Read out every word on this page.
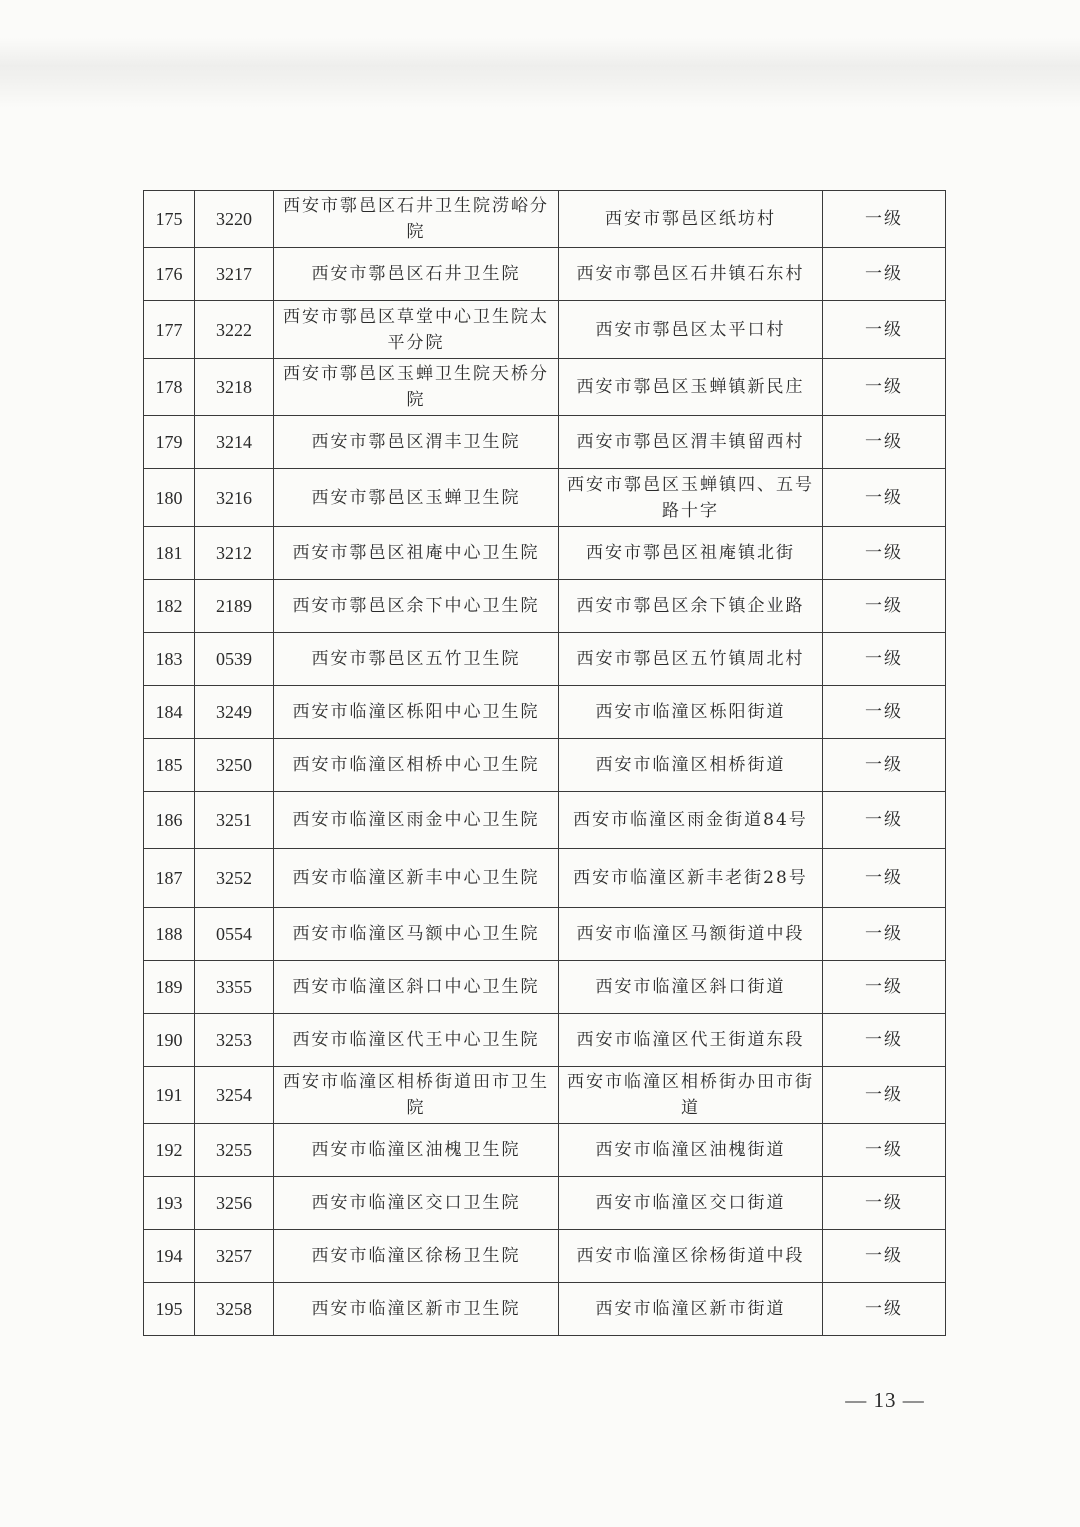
175	3220	西安市鄠邑区石井卫生院涝峪分院	西安市鄠邑区纸坊村	一级
176	3217	西安市鄠邑区石井卫生院	西安市鄠邑区石井镇石东村	一级
177	3222	西安市鄠邑区草堂中心卫生院太平分院	西安市鄠邑区太平口村	一级
178	3218	西安市鄠邑区玉蝉卫生院天桥分院	西安市鄠邑区玉蝉镇新民庄	一级
179	3214	西安市鄠邑区渭丰卫生院	西安市鄠邑区渭丰镇留西村	一级
180	3216	西安市鄠邑区玉蝉卫生院	西安市鄠邑区玉蝉镇四、五号路十字	一级
181	3212	西安市鄠邑区祖庵中心卫生院	西安市鄠邑区祖庵镇北街	一级
182	2189	西安市鄠邑区余下中心卫生院	西安市鄠邑区余下镇企业路	一级
183	0539	西安市鄠邑区五竹卫生院	西安市鄠邑区五竹镇周北村	一级
184	3249	西安市临潼区栎阳中心卫生院	西安市临潼区栎阳街道	一级
185	3250	西安市临潼区相桥中心卫生院	西安市临潼区相桥街道	一级
186	3251	西安市临潼区雨金中心卫生院	西安市临潼区雨金街道84号	一级
187	3252	西安市临潼区新丰中心卫生院	西安市临潼区新丰老街28号	一级
188	0554	西安市临潼区马额中心卫生院	西安市临潼区马额街道中段	一级
189	3355	西安市临潼区斜口中心卫生院	西安市临潼区斜口街道	一级
190	3253	西安市临潼区代王中心卫生院	西安市临潼区代王街道东段	一级
191	3254	西安市临潼区相桥街道田市卫生院	西安市临潼区相桥街办田市街道	一级
192	3255	西安市临潼区油槐卫生院	西安市临潼区油槐街道	一级
193	3256	西安市临潼区交口卫生院	西安市临潼区交口街道	一级
194	3257	西安市临潼区徐杨卫生院	西安市临潼区徐杨街道中段	一级
195	3258	西安市临潼区新市卫生院	西安市临潼区新市街道	一级
— 13 —
